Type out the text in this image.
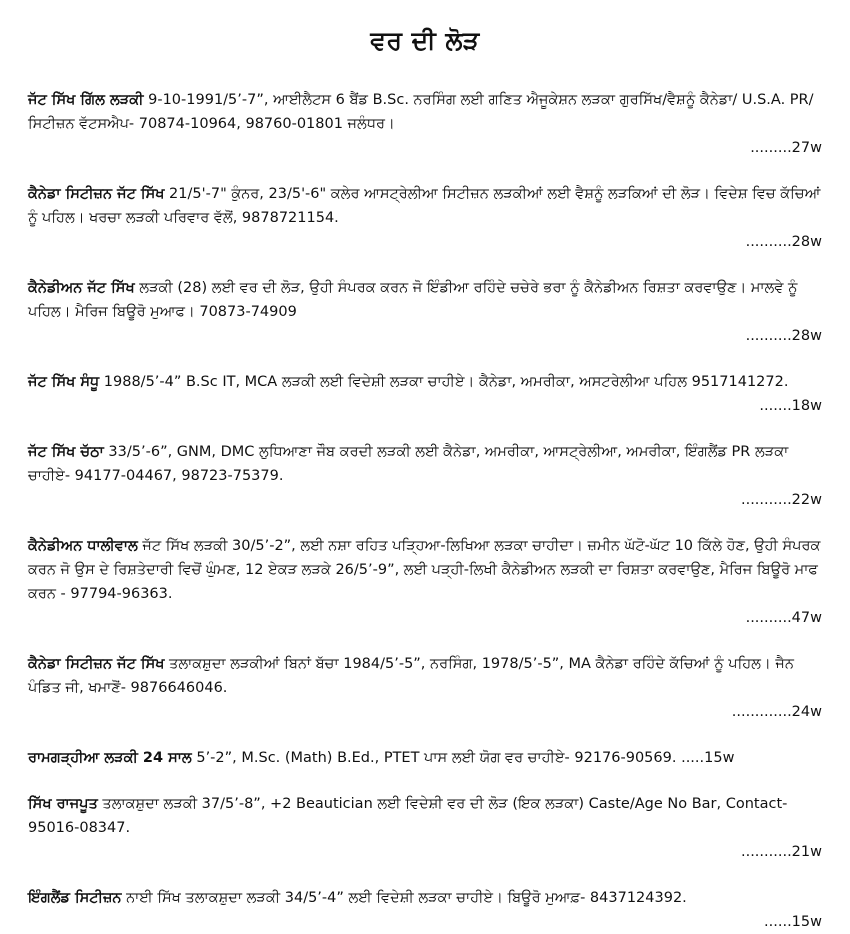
ਵਰ ਦੀ ਲੋੜ
ਜੱਟ ਸਿੱਖ ਗਿੱਲ ਲੜਕੀ 9-10-1991/5’-7”, ਆਈਲੈਟਸ 6 ਬੈਂਡ B.Sc. ਨਰਸਿੰਗ ਲਈ ਗਣਿਤ ਐਜੂਕੇਸ਼ਨ ਲੜਕਾ ਗੁਰਸਿੱਖ/ਵੈਸ਼ਨੂੰ ਕੈਨੇਡਾ/ U.S.A. PR/ ਸਿਟੀਜ਼ਨ ਵੱਟਸਐਪ- 70874-10964, 98760-01801 ਜਲੰਧਰ।
.........27w
ਕੈਨੇਡਾ ਸਿਟੀਜ਼ਨ ਜੱਟ ਸਿੱਖ 21/5'-7" ਕੁੰਨਰ, 23/5'-6" ਕਲੇਰ ਆਸਟ੍ਰੇਲੀਆ ਸਿਟੀਜ਼ਨ ਲੜਕੀਆਂ ਲਈ ਵੈਸ਼ਨੂੰ ਲੜਕਿਆਂ ਦੀ ਲੋੜ। ਵਿਦੇਸ਼ ਵਿਚ ਕੱਚਿਆਂ ਨੂੰ ਪਹਿਲ। ਖਰਚਾ ਲੜਕੀ ਪਰਿਵਾਰ ਵੱਲੋਂ, 9878721154.
..........28w
ਕੈਨੇਡੀਅਨ ਜੱਟ ਸਿੱਖ ਲੜਕੀ (28) ਲਈ ਵਰ ਦੀ ਲੋੜ, ਉਹੀ ਸੰਪਰਕ ਕਰਨ ਜੋ ਇੰਡੀਆ ਰਹਿੰਦੇ ਚਚੇਰੇ ਭਰਾ ਨੂੰ ਕੈਨੇਡੀਅਨ ਰਿਸ਼ਤਾ ਕਰਵਾਉਣ। ਮਾਲਵੇ ਨੂੰ ਪਹਿਲ। ਮੈਰਿਜ ਬਿਊਰੋ ਮੁਆਫ। 70873-74909
..........28w
ਜੱਟ ਸਿੱਖ ਸੰਧੂ 1988/5’-4” B.Sc IT, MCA ਲੜਕੀ ਲਈ ਵਿਦੇਸ਼ੀ ਲੜਕਾ ਚਾਹੀਏ। ਕੈਨੇਡਾ, ਅਮਰੀਕਾ, ਅਸਟਰੇਲੀਆ ਪਹਿਲ 9517141272.
.......18w
ਜੱਟ ਸਿੱਖ ਚੱਠਾ 33/5’-6”, GNM, DMC ਲੁਧਿਆਣਾ ਜੌਬ ਕਰਦੀ ਲੜਕੀ ਲਈ ਕੈਨੇਡਾ, ਅਮਰੀਕਾ, ਆਸਟ੍ਰੇਲੀਆ, ਅਮਰੀਕਾ, ਇੰਗਲੈਂਡ PR ਲੜਕਾ ਚਾਹੀਏ- 94177-04467, 98723-75379.
...........22w
ਕੈਨੇਡੀਅਨ ਧਾਲੀਵਾਲ ਜੱਟ ਸਿੱਖ ਲੜਕੀ 30/5’-2”, ਲਈ ਨਸ਼ਾ ਰਹਿਤ ਪੜ੍ਹਿਆ-ਲਿਖਿਆ ਲੜਕਾ ਚਾਹੀਦਾ। ਜ਼ਮੀਨ ਘੱਟੋ-ਘੱਟ 10 ਕਿੱਲੇ ਹੋਣ, ਉਹੀ ਸੰਪਰਕ ਕਰਨ ਜੋ ਉਸ ਦੇ ਰਿਸ਼ਤੇਦਾਰੀ ਵਿਚੋਂ ਘੁੰਮਣ, 12 ਏਕੜ ਲੜਕੇ 26/5’-9”, ਲਈ ਪੜ੍ਹੀ-ਲਿਖੀ ਕੈਨੇਡੀਅਨ ਲੜਕੀ ਦਾ ਰਿਸ਼ਤਾ ਕਰਵਾਉਣ, ਮੈਰਿਜ ਬਿਊਰੋ ਮਾਫ ਕਰਨ - 97794-96363.
..........47w
ਕੈਨੇਡਾ ਸਿਟੀਜ਼ਨ ਜੱਟ ਸਿੱਖ ਤਲਾਕਸ਼ੁਦਾ ਲੜਕੀਆਂ ਬਿਨਾਂ ਬੱਚਾ 1984/5’-5”, ਨਰਸਿੰਗ, 1978/5’-5”, MA ਕੈਨੇਡਾ ਰਹਿੰਦੇ ਕੱਚਿਆਂ ਨੂੰ ਪਹਿਲ। ਜੈਨ ਪੰਡਿਤ ਜੀ, ਖਮਾਣੋਂ- 9876646046.
.............24w
ਰਾਮਗੜ੍ਹੀਆ ਲੜਕੀ 24 ਸਾਲ 5’-2”, M.Sc. (Math) B.Ed., PTET ਪਾਸ ਲਈ ਯੋਗ ਵਰ ਚਾਹੀਏ- 92176-90569. .....15w
ਸਿੱਖ ਰਾਜਪੂਤ ਤਲਾਕਸ਼ੁਦਾ ਲੜਕੀ 37/5’-8”, +2 Beautician ਲਈ ਵਿਦੇਸ਼ੀ ਵਰ ਦੀ ਲੋੜ (ਇਕ ਲੜਕਾ) Caste/Age No Bar, Contact- 95016-08347.
...........21w
ਇੰਗਲੈਂਡ ਸਿਟੀਜ਼ਨ ਨਾਈ ਸਿੱਖ ਤਲਾਕਸ਼ੁਦਾ ਲੜਕੀ 34/5’-4” ਲਈ ਵਿਦੇਸ਼ੀ ਲੜਕਾ ਚਾਹੀਏ। ਬਿਊਰੋ ਮੁਆਫ਼- 8437124392.
......15w
